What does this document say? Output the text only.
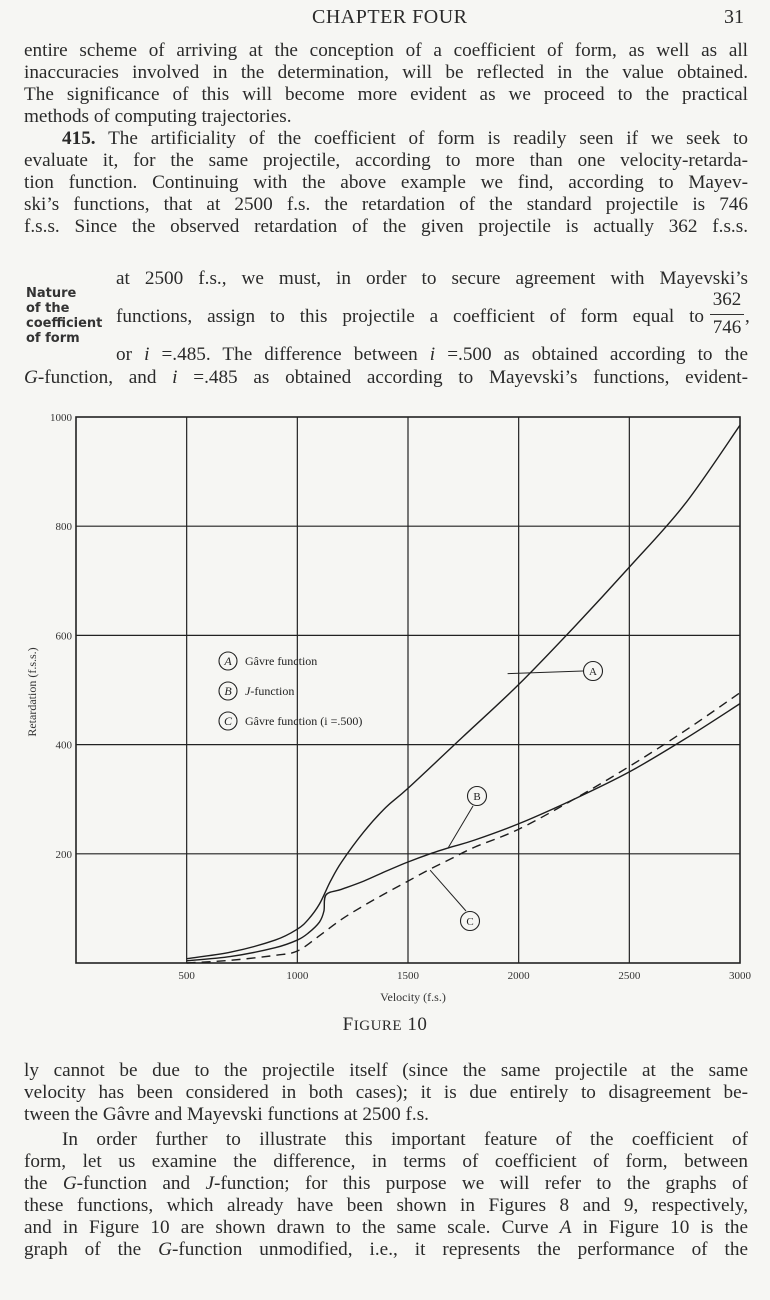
CHAPTER FOUR	31
entire scheme of arriving at the conception of a coefficient of form, as well as all
inaccuracies involved in the determination, will be reflected in the value obtained.
The significance of this will become more evident as we proceed to the practical
methods of computing trajectories.
415. The artificiality of the coefficient of form is readily seen if we seek to
evaluate it, for the same projectile, according to more than one velocity-retarda-
tion function. Continuing with the above example we find, according to Mayev-
ski’s functions, that at 2500 f.s. the retardation of the standard projectile is 746
f.s.s. Since the observed retardation of the given projectile is actually 362 f.s.s.
at 2500 f.s., we must, in order to secure agreement with Mayevski’s
functions, assign to this projectile a coefficient of form equal to
362
746
,
or i =.485. The difference between i =.500 as obtained according to the
G-function, and i =.485 as obtained according to Mayevski’s functions, evident-
Nature
of the
coefficient
of form
500	1000	1500	2000	2500	3000
200
400
600
800
1000
A Gâvre function
B J-function
C Gâvre function (i =.500)
A
B
C
Retardation (f.s.s.)
Velocity (f.s.)
FIGURE 10
ly cannot be due to the projectile itself (since the same projectile at the same
velocity has been considered in both cases); it is due entirely to disagreement be-
tween the Gâvre and Mayevski functions at 2500 f.s.
In order further to illustrate this important feature of the coefficient of
form, let us examine the difference, in terms of coefficient of form, between
the G-function and J-function; for this purpose we will refer to the graphs of
these functions, which already have been shown in Figures 8 and 9, respectively,
and in Figure 10 are shown drawn to the same scale. Curve A in Figure 10 is the
graph of the G-function unmodified, i.e., it represents the performance of the
